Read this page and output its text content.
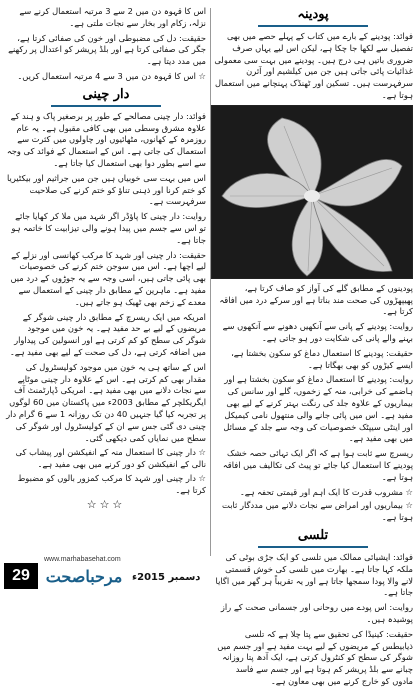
پودینہ

فوائد: پودینے کے بارے میں کتاب کے پہلے حصے میں بھی تفصیل سے لکھا جا چکا ہے، لیکن اس لیے یہاں صرف ضروری باتیں ہی درج ہیں۔ پودینے میں بہت سی معمولی غذائیات پائی جاتی ہیں جن میں کیلشیم اور آئرن سرفہرست ہیں۔ تسکین اور ٹھنڈک پہنچانے میں استعمال ہوتا ہے۔

پودینوں کے مطابق گلے کی آواز کو صاف کرتا ہے، پھیپھڑوں کی صحت مند بناتا ہے اور سرکے درد میں افاقہ کرتا ہے۔

روایت: پودینے کے پانی سے آنکھیں دھونے سے آنکھوں سے بہنے والے پانی کی شکایت دور ہو جاتی ہے۔

حقیقت: پودینے کا استعمال دماغ کو سکون بخشتا ہے، ایسے کیڑوں کو بھی بھگاتا ہے۔

روایت: پودینے کا استعمال دماغ کو سکون بخشتا ہے اور ہاضمے کی خرابی، منہ کے زخموں، گلے اور سانس کی بیماریوں کے علاوہ جلد کی رنگت بہتر کرنے کے لیے بھی مفید ہے۔ اس میں پائی جانے والی منتھول نامی کیمیکل اور اینٹی سیپٹک خصوصیات کی وجہ سے جلد کے مسائل میں بھی مفید ہے۔

ریسرچ سے ثابت ہوا ہے کہ اگر ایک تہائی حصہ خشک پودینے کا استعمال کیا جائے تو پیٹ کی تکالیف میں افاقہ ہوتا ہے۔

☆ مشروب قدرت کا ایک اہم اور قیمتی تحفہ ہے۔

☆ بیماریوں اور امراض سے نجات دلانے میں مددگار ثابت ہوتا ہے۔

تلسی

فوائد: ایشیائی ممالک میں تلسی کو ایک جڑی بوٹی کی ملکہ کہا جاتا ہے۔ بھارت میں تلسی کی خوش قسمتی لانے والا پودا سمجھا جاتا ہے اور یہ تقریباً ہر گھر میں اگایا جاتا ہے۔

روایت: اس پودے میں روحانی اور جسمانی صحت کے راز پوشیدہ ہیں۔

حقیقت: کینیڈا کی تحقیق سے پتا چلا ہے کہ تلسی ذیابیطس کے مریضوں کے لیے بہت مفید ہے اور جسم میں شوگر کی سطح کو کنٹرول کرتی ہے، ایک آدھ پتا روزانہ چبانے سے بلڈ پریشر کم ہوتا ہے اور جسم سے فاسد مادوں کو خارج کرنے میں بھی معاون ہے۔

اس کا قہوہ دن میں 2 سے 3 مرتبہ استعمال کرنے سے نزلہ، زکام اور بخار سے نجات ملتی ہے۔

حقیقت: دل کی مضبوطی اور خون کی صفائی کرتا ہے، جگر کی صفائی کرتا ہے اور بلڈ پریشر کو اعتدال پر رکھنے میں مدد دیتا ہے۔

☆ اس کا قہوہ دن میں 3 سے 4 مرتبہ استعمال کریں۔

دار چینی

فوائد: دار چینی مصالحے کے طور پر برصغیر پاک و ہند کے علاوہ مشرق وسطی میں بھی کافی مقبول ہے۔ یہ عام روزمرہ کے کھانوں، مٹھائیوں اور چاولوں میں کثرت سے استعمال کی جاتی ہے۔ اس کے استعمال کے فوائد کی وجہ سے اسے بطور دوا بھی استعمال کیا جاتا ہے۔

اس میں بہت سی خوبیاں ہیں جن میں جراثیم اور بیکٹیریا کو ختم کرنا اور ذہنی تناؤ کو ختم کرنے کی صلاحیت سرفہرست ہے۔

روایت: دار چینی کا پاؤڈر اگر شہد میں ملا کر کھایا جائے تو اس سے جسم میں پیدا ہونے والی تیزابیت کا خاتمہ ہو جاتا ہے۔

حقیقت: دار چینی اور شہد کا مرکب کھانسی اور نزلے کے لیے اچھا ہے۔ اس میں سوجن ختم کرنے کی خصوصیات بھی پائی جاتی ہیں، اسی وجہ سے یہ جوڑوں کے درد میں مفید ہے۔ ماہرین کے مطابق دار چینی کے استعمال سے معدے کے زخم بھی ٹھیک ہو جاتے ہیں۔

امریکہ میں ایک ریسرچ کے مطابق دار چینی شوگر کے مریضوں کے لیے بے حد مفید ہے۔ یہ خون میں موجود شوگر کی سطح کو کم کرتی ہے اور انسولین کی پیداوار میں اضافہ کرتی ہے، دل کی صحت کے لیے بھی مفید ہے۔

اس کے ساتھ ہی یہ خون میں موجود کولیسٹرول کی مقدار بھی کم کرتی ہے۔ اس کے علاوہ دار چینی موٹاپے سے نجات دلانے میں بھی مفید ہے۔ امریکی ڈپارٹمنٹ آف ایگریکلچر کے مطابق 2003ء میں پاکستان میں 60 لوگوں پر تجربہ کیا گیا جنہیں 40 دن تک روزانہ 1 سے 6 گرام دار چینی دی گئی جس سے ان کے کولیسٹرول اور شوگر کی سطح میں نمایاں کمی دیکھی گئی۔

☆ دار چینی کا استعمال منہ کے انفیکشن اور پیشاب کی نالی کے انفیکشن کو دور کرنے میں بھی مفید ہے۔

☆ دار چینی اور شہد کا مرکب کمزور بالوں کو مضبوط کرتا ہے۔

☆☆☆
29
www.marhabasehat.com
مرحباصحت دسمبر 2015ء
